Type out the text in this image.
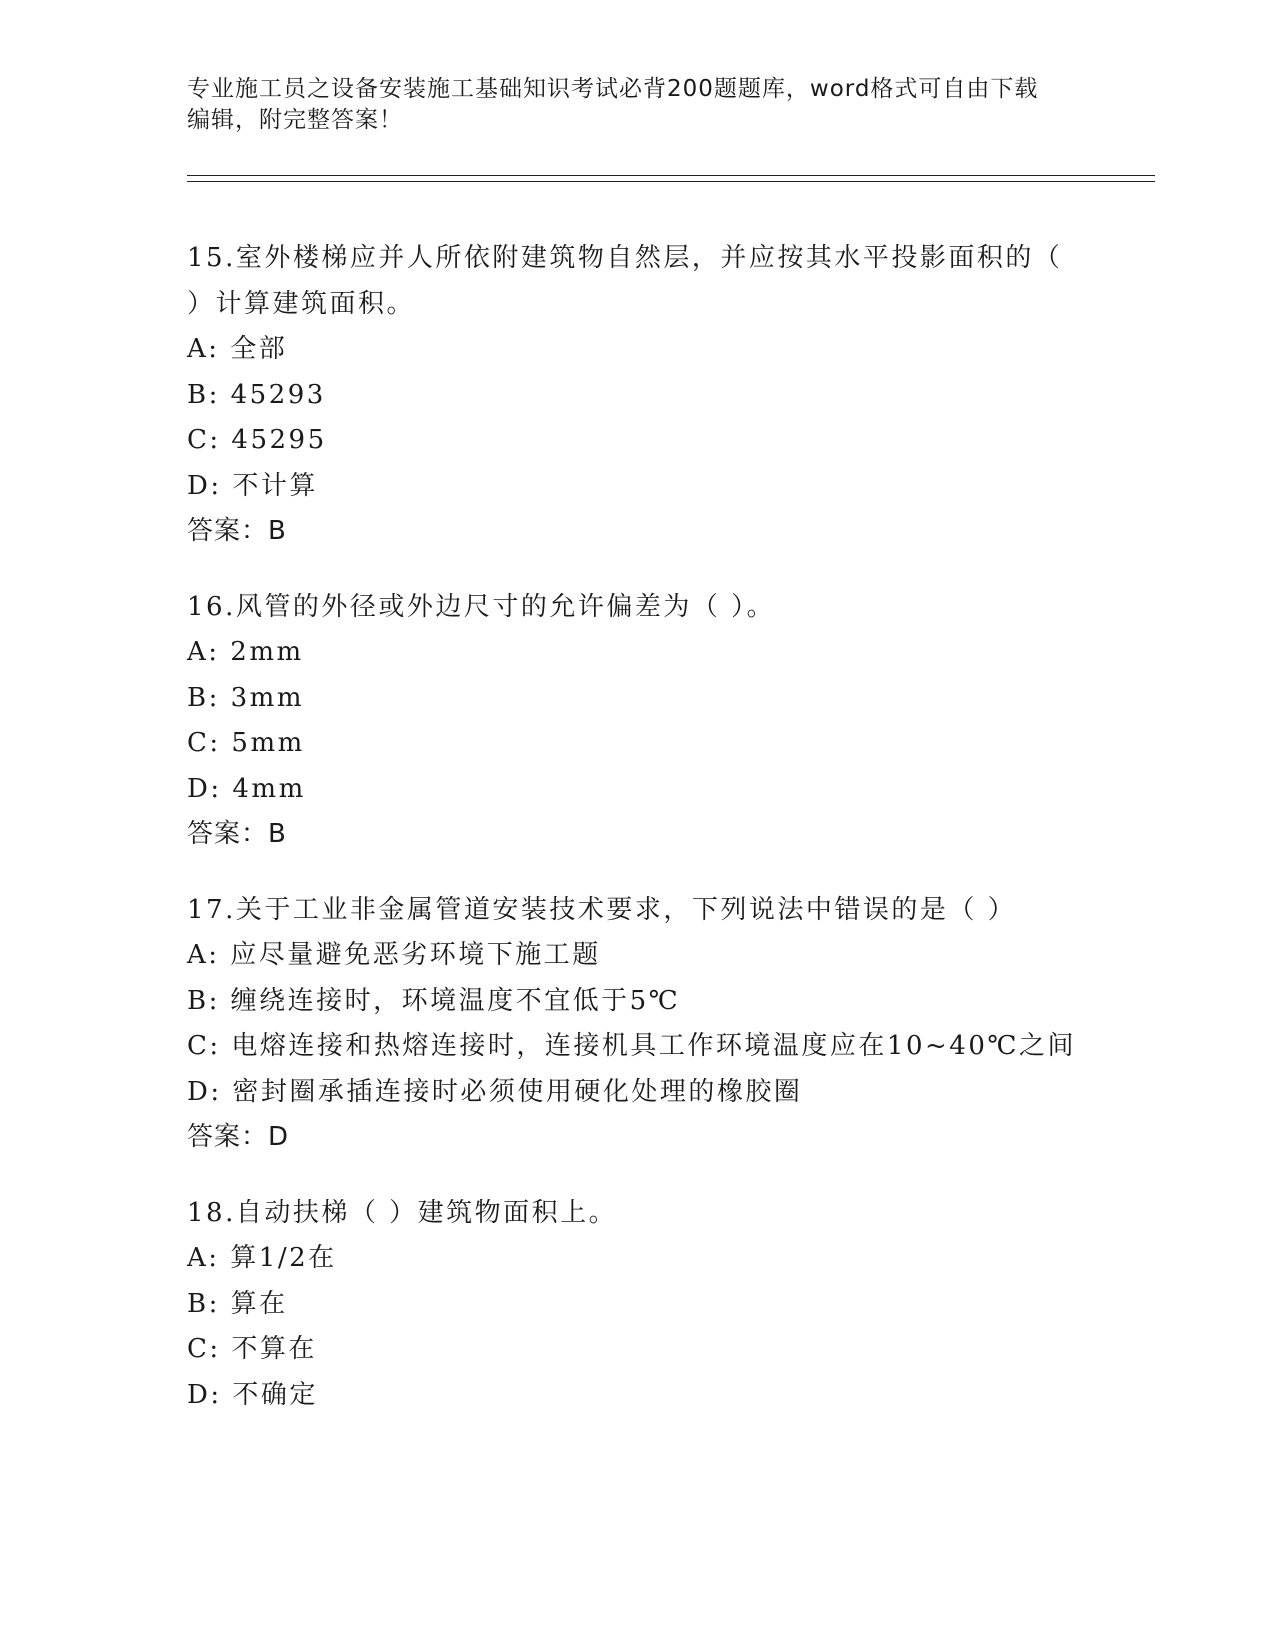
专业施工员之设备安装施工基础知识考试必背200题题库，word格式可自由下载
编辑，附完整答案！
15.室外楼梯应并人所依附建筑物自然层，并应按其水平投影面积的（
）计算建筑面积。
A: 全部
B: 45293
C: 45295
D: 不计算
答案：B
16.风管的外径或外边尺寸的允许偏差为（ ）。
A: 2mm
B: 3mm
C: 5mm
D: 4mm
答案：B
17.关于工业非金属管道安装技术要求，下列说法中错误的是（ ）
A: 应尽量避免恶劣环境下施工题
B: 缠绕连接时，环境温度不宜低于5℃
C: 电熔连接和热熔连接时，连接机具工作环境温度应在10~40℃之间
D: 密封圈承插连接时必须使用硬化处理的橡胶圈
答案：D
18.自动扶梯（ ）建筑物面积上。
A: 算1/2在
B: 算在
C: 不算在
D: 不确定
